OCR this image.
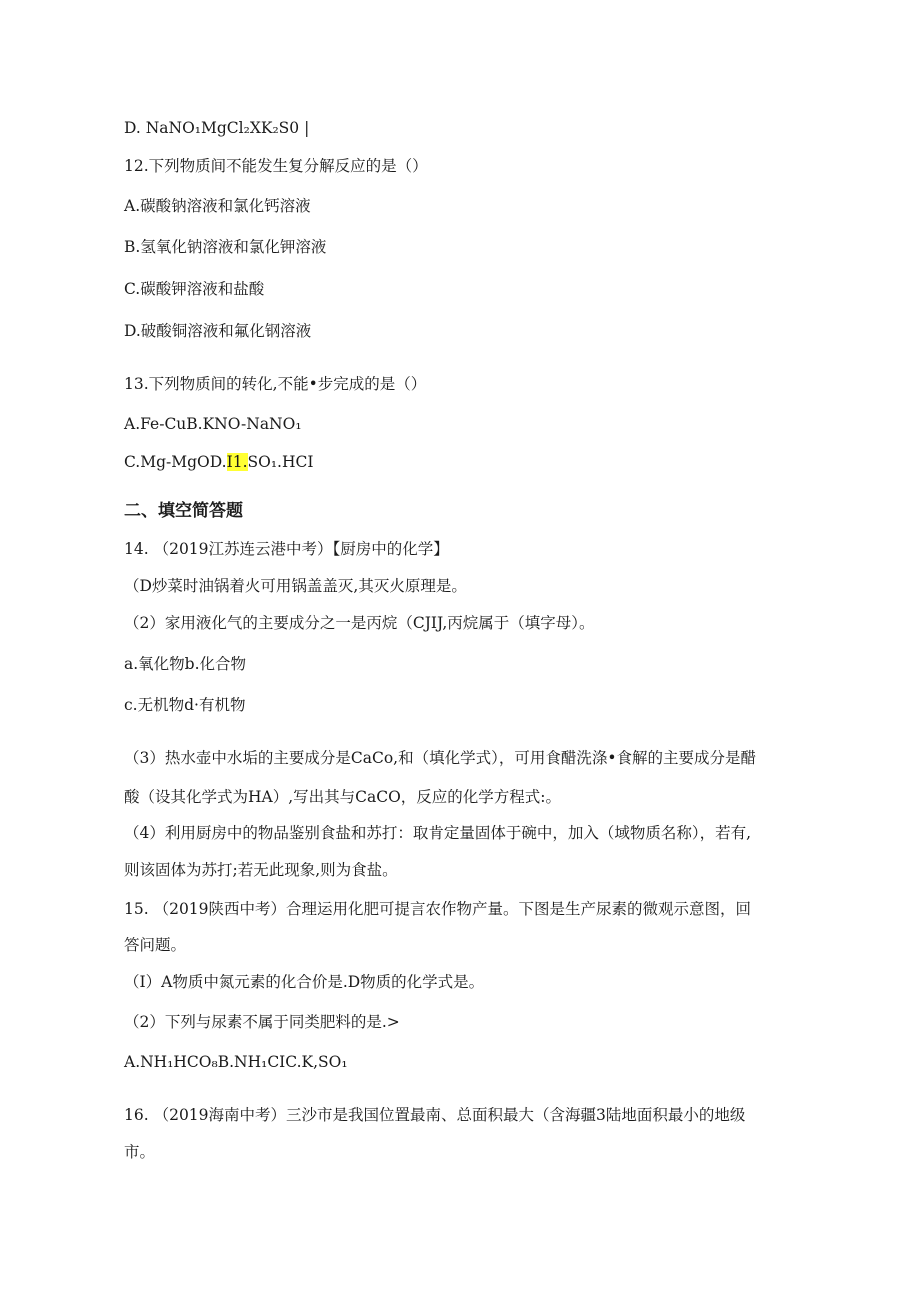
D. NaNO₁MgCl₂XK₂S0 |
12.下列物质间不能发生复分解反应的是（）
A.碳酸钠溶液和氯化钙溶液
B.氢氧化钠溶液和氯化钾溶液
C.碳酸钾溶液和盐酸
D.破酸铜溶液和氟化钢溶液
13.下列物质间的转化,不能•步完成的是（）
A.Fe-CuB.KNO-NaNO₁
C.Mg-MgOD.I1.SO₁.HCI
二、填空简答题
14. （2019江苏连云港中考）【厨房中的化学】
（D炒菜时油锅着火可用锅盖盖灭,其灭火原理是。
（2）家用液化气的主要成分之一是丙烷（CJIJ,丙烷属于（填字母）。
a.氧化物b.化合物
c.无机物d·有机物
（3）热水壶中水垢的主要成分是CaCo,和（填化学式），可用食醋洗涤•食解的主要成分是醋
酸（设其化学式为HA）,写出其与CaCO，反应的化学方程式:。
（4）利用厨房中的物品鉴别食盐和苏打：取肯定量固体于碗中，加入（域物质名称），若有,
则该固体为苏打;若无此现象,则为食盐。
15. （2019陕西中考）合理运用化肥可提言农作物产量。下图是生产尿素的微观示意图，回
答问题。
（I）A物质中氮元素的化合价是.D物质的化学式是。
（2）下列与尿素不属于同类肥料的是.>
A.NH₁HCO₈B.NH₁CIC.K,SO₁
16. （2019海南中考）三沙市是我国位置最南、总面积最大（含海疆3陆地面积最小的地级
市。
